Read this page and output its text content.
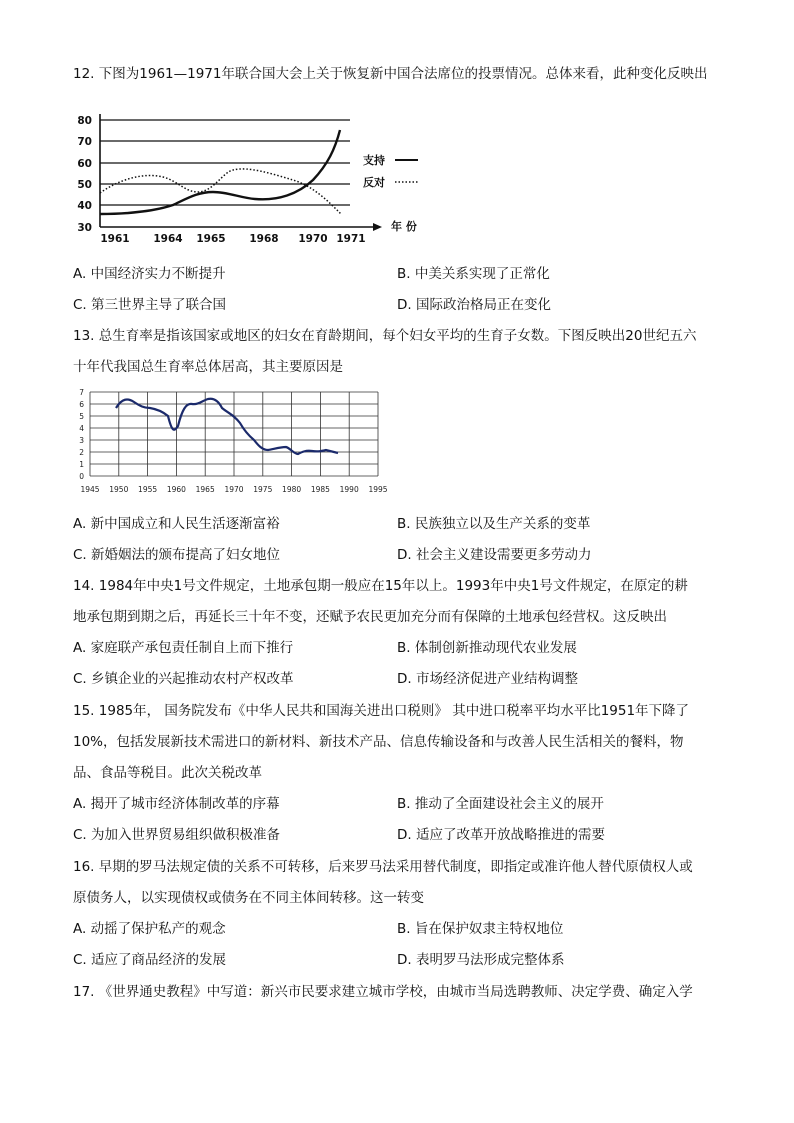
12. 下图为1961—1971年联合国大会上关于恢复新中国合法席位的投票情况。总体来看，此种变化反映出
80
70
60
50
40
30
1961 1964 1965 1968 1970 1971
年 份
支持
反对
A. 中国经济实力不断提升	B. 中美关系实现了正常化
C. 第三世界主导了联合国	D. 国际政治格局正在变化
13. 总生育率是指该国家或地区的妇女在育龄期间，每个妇女平均的生育子女数。下图反映出20世纪五六
十年代我国总生育率总体居高，其主要原因是
7
6
5
4
3
2
1
0
1945 1950 1955 1960 1965 1970 1975 1980 1985 1990 1995
A. 新中国成立和人民生活逐渐富裕	B. 民族独立以及生产关系的变革
C. 新婚姻法的颁布提高了妇女地位	D. 社会主义建设需要更多劳动力
14. 1984年中央1号文件规定，土地承包期一般应在15年以上。1993年中央1号文件规定，在原定的耕
地承包期到期之后，再延长三十年不变，还赋予农民更加充分而有保障的土地承包经营权。这反映出
A. 家庭联产承包责任制自上而下推行	B. 体制创新推动现代农业发展
C. 乡镇企业的兴起推动农村产权改革	D. 市场经济促进产业结构调整
15. 1985年， 国务院发布《中华人民共和国海关进出口税则》 其中进口税率平均水平比1951年下降了
10%，包括发展新技术需进口的新材料、新技术产品、信息传输设备和与改善人民生活相关的餐料，物
品、食品等税目。此次关税改革
A. 揭开了城市经济体制改革的序幕	B. 推动了全面建设社会主义的展开
C. 为加入世界贸易组织做积极准备	D. 适应了改革开放战略推进的需要
16. 早期的罗马法规定债的关系不可转移，后来罗马法采用替代制度，即指定或准许他人替代原债权人或
原债务人，以实现债权或债务在不同主体间转移。这一转变
A. 动摇了保护私产的观念	B. 旨在保护奴隶主特权地位
C. 适应了商品经济的发展	D. 表明罗马法形成完整体系
17. 《世界通史教程》中写道：新兴市民要求建立城市学校，由城市当局选聘教师、决定学费、确定入学
